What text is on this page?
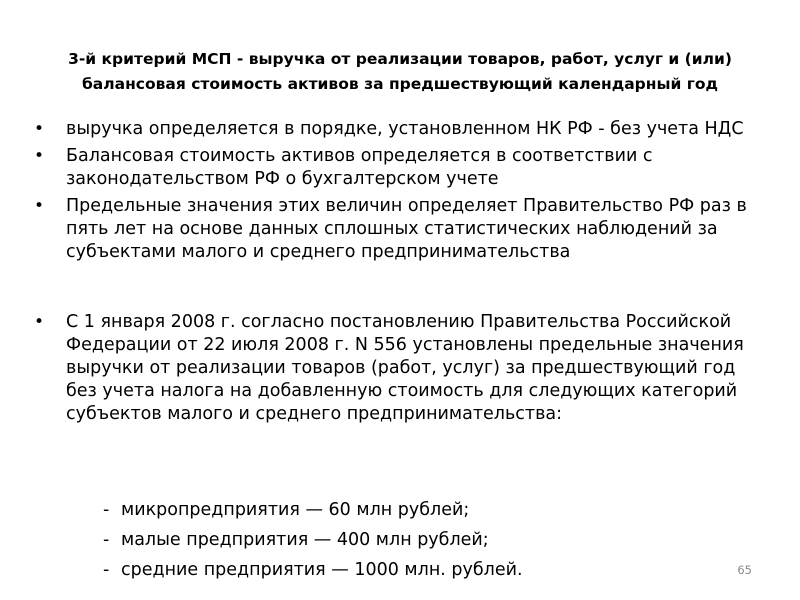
3-й критерий МСП - выручка от реализации товаров, работ, услуг и (или)
балансовая стоимость активов за предшествующий календарный год
•	выручка определяется в порядке, установленном НК РФ - без учета НДС
•	Балансовая стоимость активов определяется в соответствии с законодательством РФ о бухгалтерском учете
•	Предельные значения этих величин определяет Правительство РФ раз в пять лет на основе данных сплошных статистических наблюдений за субъектами малого и среднего предпринимательства
•	С 1 января 2008 г. согласно постановлению Правительства Российской Федерации от 22 июля 2008 г. N 556 установлены предельные значения выручки от реализации товаров (работ, услуг) за предшествующий год без учета налога на добавленную стоимость для следующих категорий субъектов малого и среднего предпринимательства:
- микропредприятия — 60 млн рублей;
- малые предприятия — 400 млн рублей;
- средние предприятия — 1000 млн. рублей.	65
